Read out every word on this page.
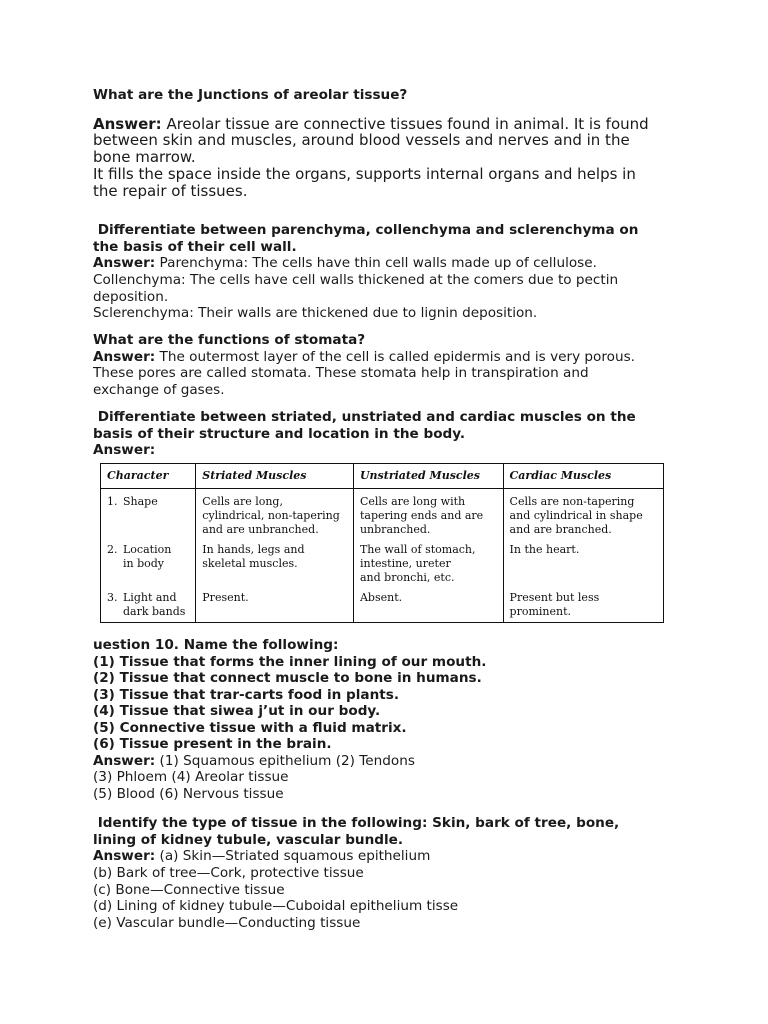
What are the Junctions of areolar tissue?
Answer: Areolar tissue are connective tissues found in animal. It is found
between skin and muscles, around blood vessels and nerves and in the
bone marrow.
It fills the space inside the organs, supports internal organs and helps in
the repair of tissues.
Differentiate between parenchyma, collenchyma and sclerenchyma on
the basis of their cell wall.
Answer: Parenchyma: The cells have thin cell walls made up of cellulose.
Collenchyma: The cells have cell walls thickened at the comers due to pectin
deposition.
Sclerenchyma: Their walls are thickened due to lignin deposition.
What are the functions of stomata?
Answer: The outermost layer of the cell is called epidermis and is very porous.
These pores are called stomata. These stomata help in transpiration and
exchange of gases.
Differentiate between striated, unstriated and cardiac muscles on the
basis of their structure and location in the body.
Answer:
Character	Striated Muscles	Unstriated Muscles	Cardiac Muscles
1. Shape	Cells are long,
cylindrical, non-tapering
and are unbranched.	Cells are long with
tapering ends and are
unbranched.	Cells are non-tapering
and cylindrical in shape
and are branched.

2. Location
in body	In hands, legs and
skeletal muscles.	The wall of stomach,
intestine, ureter
and bronchi, etc.	In the heart.

3. Light and
dark bands	Present.	Absent.	Present but less
prominent.
uestion 10. Name the following:
(1) Tissue that forms the inner lining of our mouth.
(2) Tissue that connect muscle to bone in humans.
(3) Tissue that trar-carts food in plants.
(4) Tissue that siwea j’ut in our body.
(5) Connective tissue with a fluid matrix.
(6) Tissue present in the brain.
Answer: (1) Squamous epithelium (2) Tendons
(3) Phloem (4) Areolar tissue
(5) Blood (6) Nervous tissue
Identify the type of tissue in the following: Skin, bark of tree, bone,
lining of kidney tubule, vascular bundle.
Answer: (a) Skin—Striated squamous epithelium
(b) Bark of tree—Cork, protective tissue
(c) Bone—Connective tissue
(d) Lining of kidney tubule—Cuboidal epithelium tisse
(e) Vascular bundle—Conducting tissue
